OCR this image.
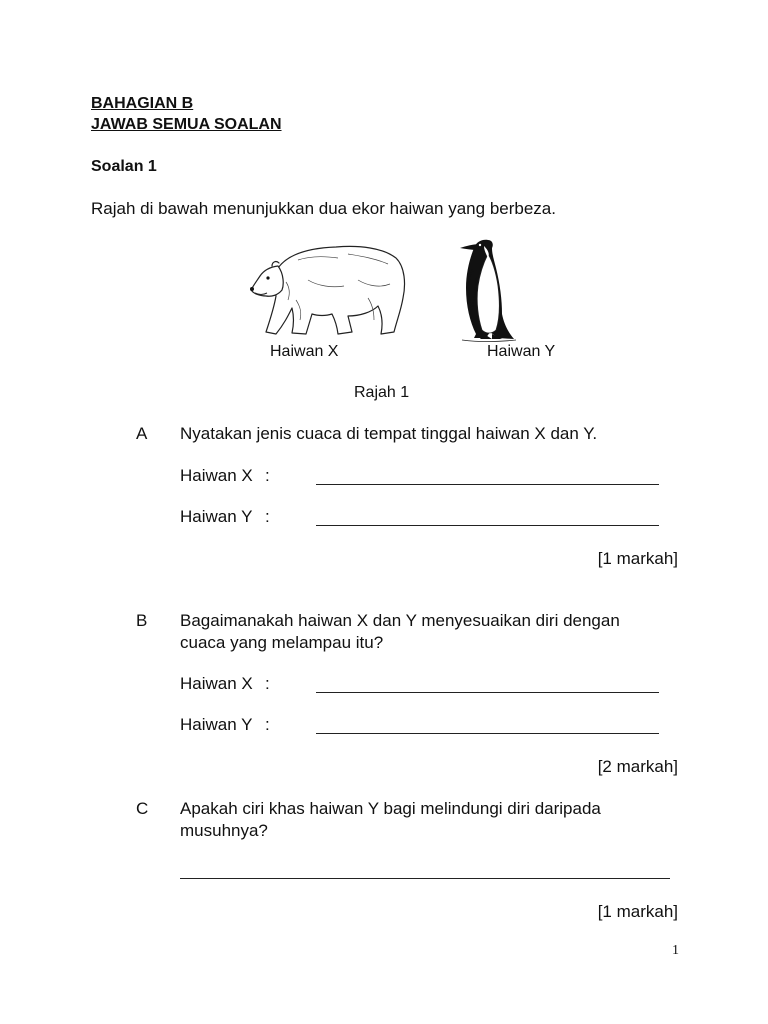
BAHAGIAN B
JAWAB SEMUA SOALAN
Soalan 1
Rajah di bawah menunjukkan dua ekor haiwan yang berbeza.
Haiwan X	Haiwan Y
Rajah 1
A Nyatakan jenis cuaca di tempat tinggal haiwan X dan Y.
Haiwan X :
Haiwan Y :
[1 markah]
B Bagaimanakah haiwan X dan Y menyesuaikan diri dengan
cuaca yang melampau itu?
Haiwan X :
Haiwan Y :
[2 markah]
C Apakah ciri khas haiwan Y bagi melindungi diri daripada
musuhnya?
[1 markah]
1
